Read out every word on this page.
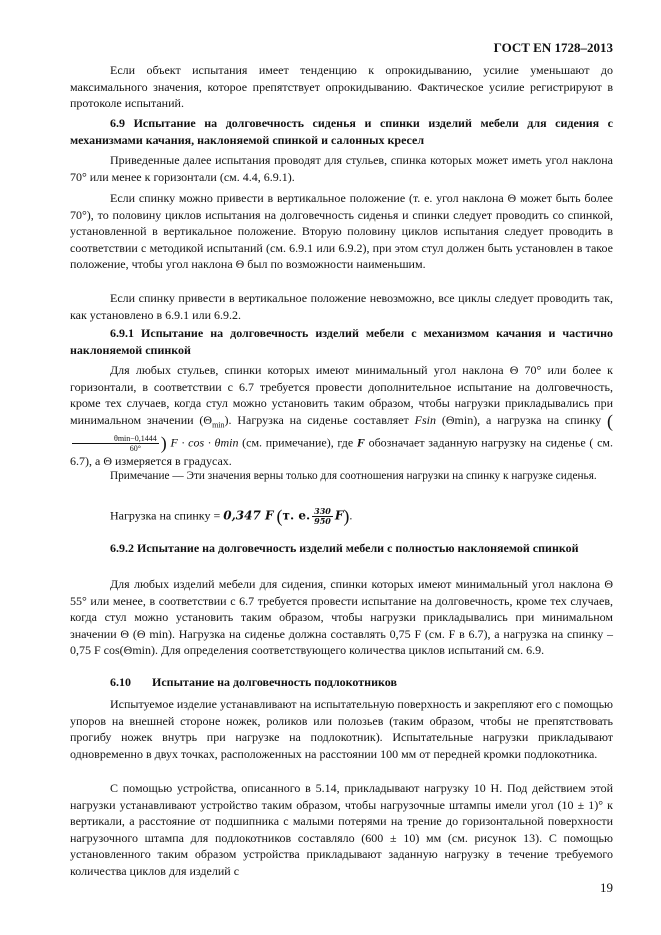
ГОСТ EN 1728–2013
Если объект испытания имеет тенденцию к опрокидыванию, усилие уменьшают до максимального значения, которое препятствует опрокидыванию. Фактическое усилие регистрируют в протоколе испытаний.
6.9 Испытание на долговечность сиденья и спинки изделий мебели для сидения с механизмами качания, наклоняемой спинкой и салонных кресел
Приведенные далее испытания проводят для стульев, спинка которых может иметь угол наклона 70° или менее к горизонтали (см. 4.4, 6.9.1).
Если спинку можно привести в вертикальное положение (т. е. угол наклона Θ может быть более 70°), то половину циклов испытания на долговечность сиденья и спинки следует проводить со спинкой, установленной в вертикальное положение. Вторую половину циклов испытания следует проводить в соответствии с методикой испытаний (см. 6.9.1 или 6.9.2), при этом стул должен быть установлен в такое положение, чтобы угол наклона Θ был по возможности наименьшим.
Если спинку привести в вертикальное положение невозможно, все циклы следует проводить так, как установлено в 6.9.1 или 6.9.2.
6.9.1 Испытание на долговечность изделий мебели с механизмом качания и частично наклоняемой спинкой
Для любых стульев, спинки которых имеют минимальный угол наклона Θ 70° или более к горизонтали, в соответствии с 6.7 требуется провести дополнительное испытание на долговечность, кроме тех случаев, когда стул можно установить таким образом, чтобы нагрузки прикладывались при минимальном значении $(\Theta_{min})$. Нагрузка на сиденье составляет Fsin (Θmin), а нагрузка на спинку (
$\frac{\theta\min-0,1444}{60^\circ}$ ) F · cos · θmin (см. примечание), где F обозначает заданную нагрузку на сиденье ( см. 6.7), а Θ измеряется в градусах.
Примечание — Эти значения верны только для соотношения нагрузки на спинку к нагрузке сиденья.
Нагрузка на спинку = 0,347 F (т. е. $\frac{330}{950} F$).
6.9.2 Испытание на долговечность изделий мебели с полностью наклоняемой спинкой
Для любых изделий мебели для сидения, спинки которых имеют минимальный угол наклона Θ 55° или менее, в соответствии с 6.7 требуется провести испытание на долговечность, кроме тех случаев, когда стул можно установить таким образом, чтобы нагрузки прикладывались при минимальном значении Θ (Θ min). Нагрузка на сиденье должна составлять 0,75 F (см. F в 6.7), а нагрузка на спинку – 0,75 F cos(Θmin). Для определения соответствующего количества циклов испытаний см. 6.9.
6.10 Испытание на долговечность подлокотников
Испытуемое изделие устанавливают на испытательную поверхность и закрепляют его с помощью упоров на внешней стороне ножек, роликов или полозьев (таким образом, чтобы не препятствовать прогибу ножек внутрь при нагрузке на подлокотник). Испытательные нагрузки прикладывают одновременно в двух точках, расположенных на расстоянии 100 мм от передней кромки подлокотника.
С помощью устройства, описанного в 5.14, прикладывают нагрузку 10 Н. Под действием этой нагрузки устанавливают устройство таким образом, чтобы нагрузочные штампы имели угол (10 ± 1)° к вертикали, а расстояние от подшипника с малыми потерями на трение до горизонтальной поверхности нагрузочного штампа для подлокотников составляло (600 ± 10) мм (см. рисунок 13). С помощью установленного таким образом устройства прикладывают заданную нагрузку в течение требуемого количества циклов для изделий с
19
